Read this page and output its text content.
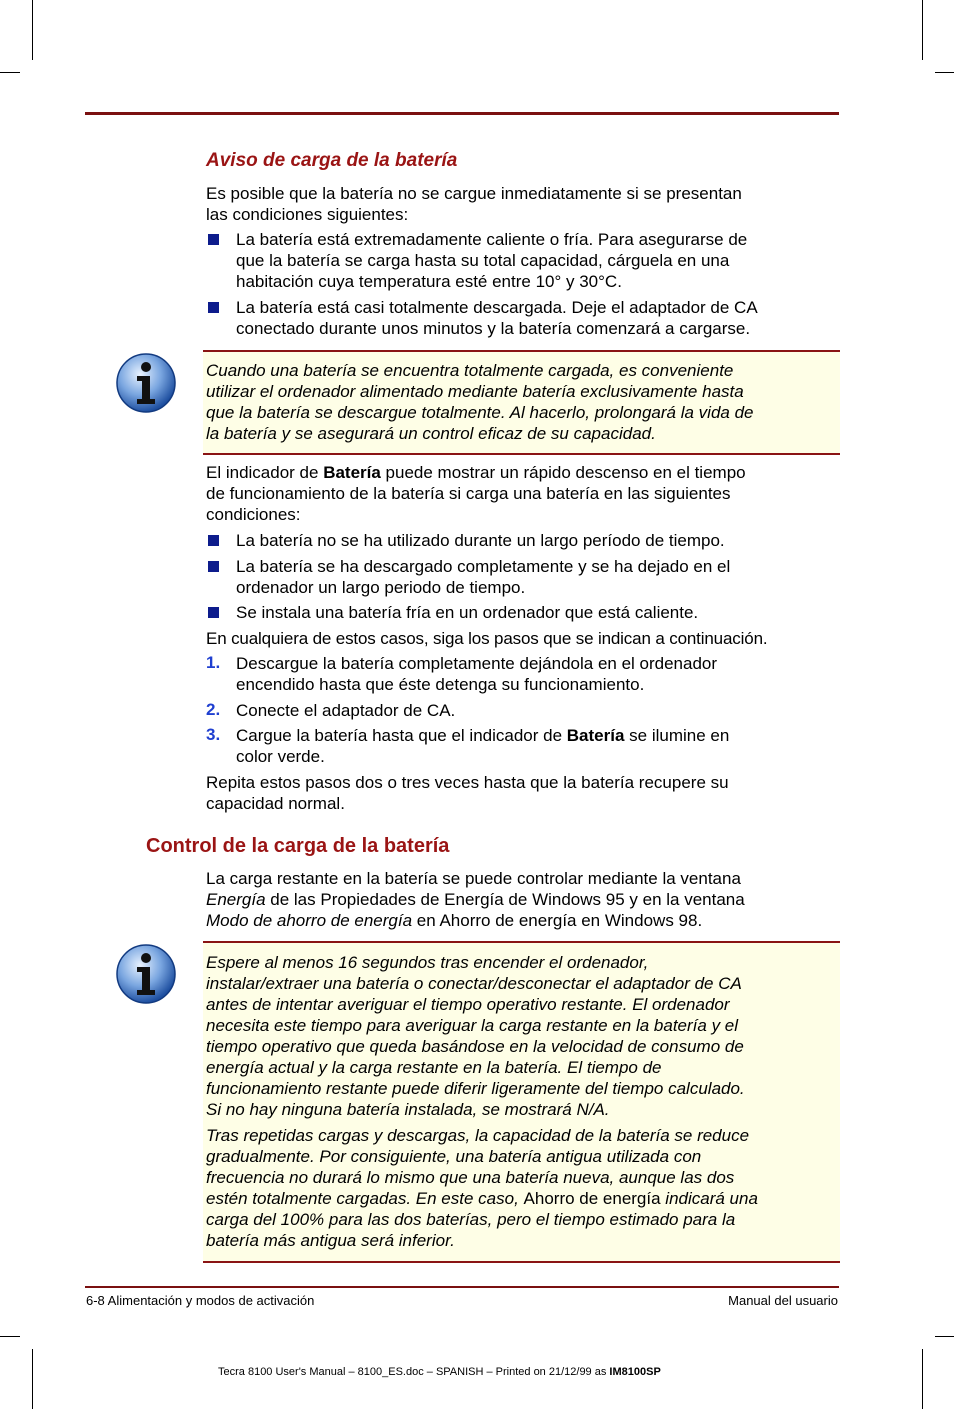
Aviso de carga de la batería
Es posible que la batería no se cargue inmediatamente si se presentan
las condiciones siguientes:
La batería está extremadamente caliente o fría. Para asegurarse de
que la batería se carga hasta su total capacidad, cárguela en una
habitación cuya temperatura esté entre 10° y 30°C.
La batería está casi totalmente descargada. Deje el adaptador de CA
conectado durante unos minutos y la batería comenzará a cargarse.
Cuando una batería se encuentra totalmente cargada, es conveniente
utilizar el ordenador alimentado mediante batería exclusivamente hasta
que la batería se descargue totalmente. Al hacerlo, prolongará la vida de
la batería y se asegurará un control eficaz de su capacidad.
El indicador de Batería puede mostrar un rápido descenso en el tiempo
de funcionamiento de la batería si carga una batería en las siguientes
condiciones:
La batería no se ha utilizado durante un largo período de tiempo.
La batería se ha descargado completamente y se ha dejado en el
ordenador un largo periodo de tiempo.
Se instala una batería fría en un ordenador que está caliente.
En cualquiera de estos casos, siga los pasos que se indican a continuación.
1. Descargue la batería completamente dejándola en el ordenador
encendido hasta que éste detenga su funcionamiento.
2. Conecte el adaptador de CA.
3. Cargue la batería hasta que el indicador de Batería se ilumine en
color verde.
Repita estos pasos dos o tres veces hasta que la batería recupere su
capacidad normal.
Control de la carga de la batería
La carga restante en la batería se puede controlar mediante la ventana
Energía de las Propiedades de Energía de Windows 95 y en la ventana
Modo de ahorro de energía en Ahorro de energía en Windows 98.
Espere al menos 16 segundos tras encender el ordenador,
instalar/extraer una batería o conectar/desconectar el adaptador de CA
antes de intentar averiguar el tiempo operativo restante. El ordenador
necesita este tiempo para averiguar la carga restante en la batería y el
tiempo operativo que queda basándose en la velocidad de consumo de
energía actual y la carga restante en la batería. El tiempo de
funcionamiento restante puede diferir ligeramente del tiempo calculado.
Si no hay ninguna batería instalada, se mostrará N/A.
Tras repetidas cargas y descargas, la capacidad de la batería se reduce
gradualmente. Por consiguiente, una batería antigua utilizada con
frecuencia no durará lo mismo que una batería nueva, aunque las dos
estén totalmente cargadas. En este caso, Ahorro de energía indicará una
carga del 100% para las dos baterías, pero el tiempo estimado para la
batería más antigua será inferior.
6-8 Alimentación y modos de activación	Manual del usuario
Tecra 8100 User's Manual – 8100_ES.doc – SPANISH – Printed on 21/12/99 as IM8100SP
